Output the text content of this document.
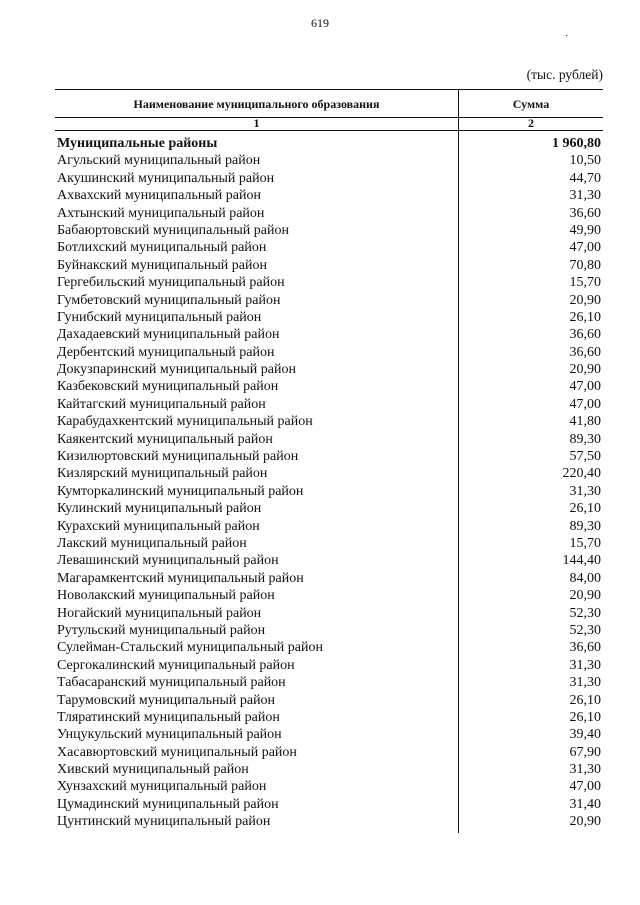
619
·
(тыс. рублей)
Наименование муниципального образования	Сумма
1	2
Муниципальные районы	1 960,80
Агульский муниципальный район	10,50
Акушинский муниципальный район	44,70
Ахвахский муниципальный район	31,30
Ахтынский муниципальный район	36,60
Бабаюртовский муниципальный район	49,90
Ботлихский муниципальный район	47,00
Буйнакский муниципальный район	70,80
Гергебильский муниципальный район	15,70
Гумбетовский муниципальный район	20,90
Гунибский муниципальный район	26,10
Дахадаевский муниципальный район	36,60
Дербентский муниципальный район	36,60
Докузпаринский муниципальный район	20,90
Казбековский муниципальный район	47,00
Кайтагский муниципальный район	47,00
Карабудахкентский муниципальный район	41,80
Каякентский муниципальный район	89,30
Кизилюртовский муниципальный район	57,50
Кизлярский муниципальный район	220,40
Кумторкалинский муниципальный район	31,30
Кулинский муниципальный район	26,10
Курахский муниципальный район	89,30
Лакский муниципальный район	15,70
Левашинский муниципальный район	144,40
Магарамкентский муниципальный район	84,00
Новолакский муниципальный район	20,90
Ногайский муниципальный район	52,30
Рутульский муниципальный район	52,30
Сулейман-Стальский муниципальный район	36,60
Сергокалинский муниципальный район	31,30
Табасаранский муниципальный район	31,30
Тарумовский муниципальный район	26,10
Тляратинский муниципальный район	26,10
Унцукульский муниципальный район	39,40
Хасавюртовский муниципальный район	67,90
Хивский муниципальный район	31,30
Хунзахский муниципальный район	47,00
Цумадинский муниципальный район	31,40
Цунтинский муниципальный район	20,90
